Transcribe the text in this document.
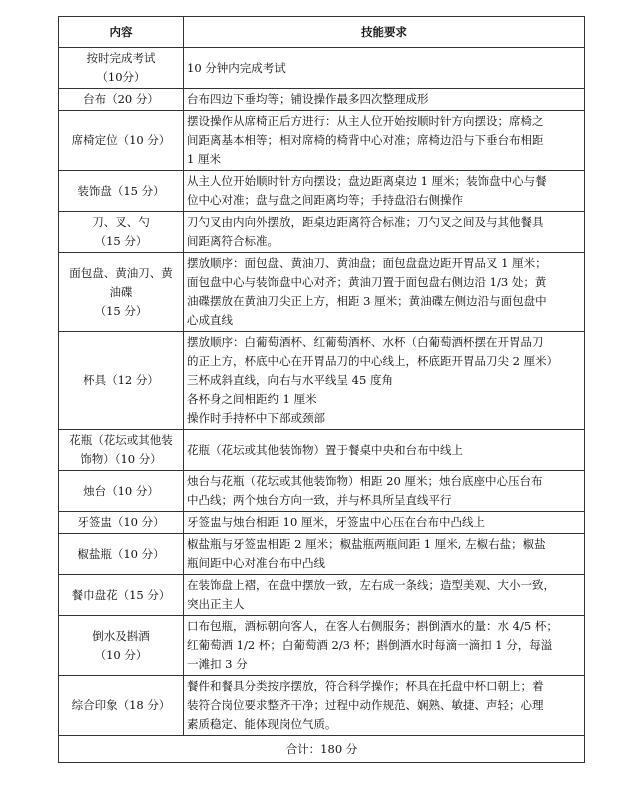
内容	技能要求

按时完成考试
（10分）	10 分钟内完成考试

台布（20 分）	台布四边下垂均等；铺设操作最多四次整理成形

席椅定位（10 分）	摆设操作从席椅正后方进行：从主人位开始按顺时针方向摆设；席椅之
间距离基本相等；相对席椅的椅背中心对准；席椅边沿与下垂台布相距
1 厘米

装饰盘（15 分）	从主人位开始顺时针方向摆设；盘边距离桌边 1 厘米；装饰盘中心与餐
位中心对准；盘与盘之间距离均等；手持盘沿右侧操作

刀、叉、勺
（15 分）	刀勺叉由内向外摆放，距桌边距离符合标准；刀勺叉之间及与其他餐具
间距离符合标准。

面包盘、黄油刀、黄
油碟
（15 分）	摆放顺序：面包盘、黄油刀、黄油盘；面包盘盘边距开胃品叉 1 厘米；
面包盘中心与装饰盘中心对齐；黄油刀置于面包盘右侧边沿 1/3 处；黄
油碟摆放在黄油刀尖正上方，相距 3 厘米；黄油碟左侧边沿与面包盘中
心成直线

杯具（12 分）	摆放顺序：白葡萄酒杯、红葡萄酒杯、水杯（白葡萄酒杯摆在开胃品刀
的正上方，杯底中心在开胃品刀的中心线上，杯底距开胃品刀尖 2 厘米）
三杯成斜直线，向右与水平线呈 45 度角
各杯身之间相距约 1 厘米
操作时手持杯中下部或颈部

花瓶（花坛或其他装
饰物）（10 分）	花瓶（花坛或其他装饰物）置于餐桌中央和台布中线上

烛台（10 分）	烛台与花瓶（花坛或其他装饰物）相距 20 厘米；烛台底座中心压台布
中凸线；两个烛台方向一致，并与杯具所呈直线平行

牙签盅（10 分）	牙签盅与烛台相距 10 厘米，牙签盅中心压在台布中凸线上

椒盐瓶（10 分）	椒盐瓶与牙签盅相距 2 厘米；椒盐瓶两瓶间距 1 厘米, 左椒右盐；椒盐
瓶间距中心对准台布中凸线

餐巾盘花（15 分）	在装饰盘上褶，在盘中摆放一致，左右成一条线；造型美观、大小一致，
突出正主人

倒水及斟酒
（10 分）	口布包瓶，酒标朝向客人，在客人右侧服务；斟倒酒水的量：水 4/5 杯；
红葡萄酒 1/2 杯；白葡萄酒 2/3 杯；斟倒酒水时每滴一滴扣 1 分，每溢
一滩扣 3 分

综合印象（18 分）	餐件和餐具分类按序摆放，符合科学操作；杯具在托盘中杯口朝上；着
装符合岗位要求整齐干净；过程中动作规范、娴熟、敏捷、声轻；心理
素质稳定、能体现岗位气质。

合计：180 分	
